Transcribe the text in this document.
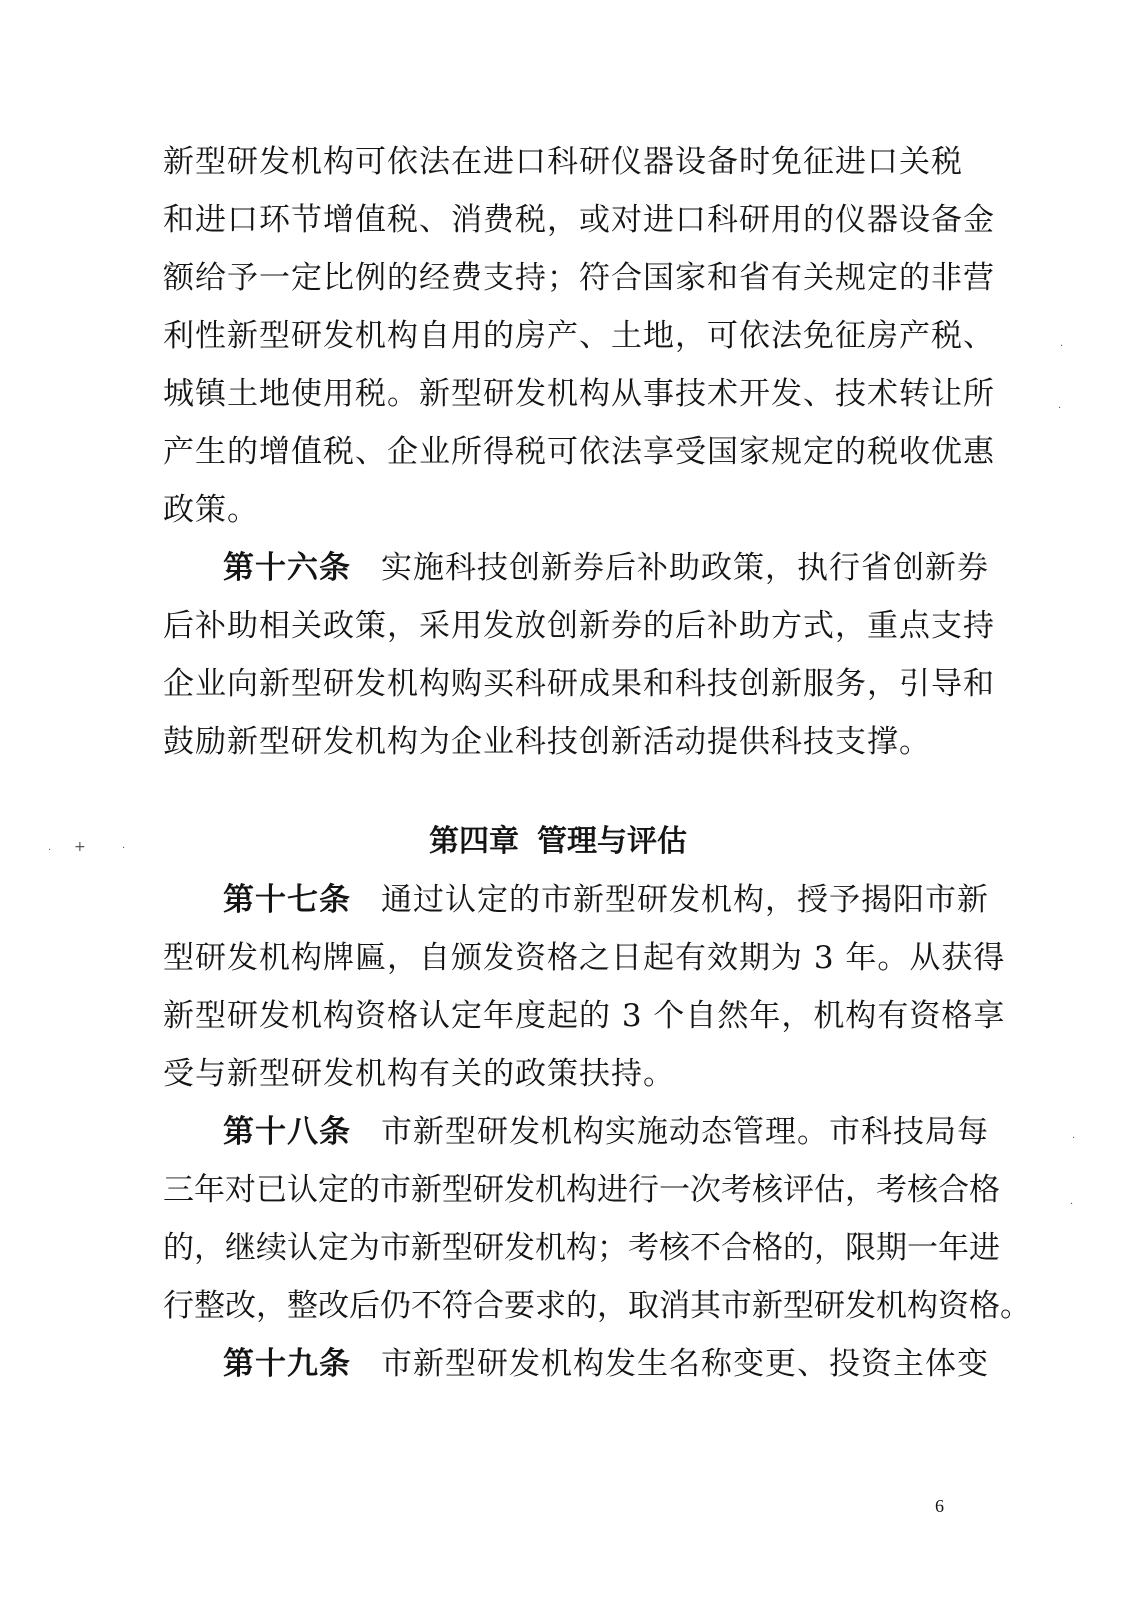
新型研发机构可依法在进口科研仪器设备时免征进口关税
和进口环节增值税、消费税，或对进口科研用的仪器设备金
额给予一定比例的经费支持；符合国家和省有关规定的非营
利性新型研发机构自用的房产、土地，可依法免征房产税、
城镇土地使用税。新型研发机构从事技术开发、技术转让所
产生的增值税、企业所得税可依法享受国家规定的税收优惠
政策。
第十六条 实施科技创新券后补助政策，执行省创新券
后补助相关政策，采用发放创新券的后补助方式，重点支持
企业向新型研发机构购买科研成果和科技创新服务，引导和
鼓励新型研发机构为企业科技创新活动提供科技支撑。
第四章 管理与评估
第十七条 通过认定的市新型研发机构，授予揭阳市新
型研发机构牌匾，自颁发资格之日起有效期为 3 年。从获得
新型研发机构资格认定年度起的 3 个自然年，机构有资格享
受与新型研发机构有关的政策扶持。
第十八条 市新型研发机构实施动态管理。市科技局每
三年对已认定的市新型研发机构进行一次考核评估，考核合格
的，继续认定为市新型研发机构；考核不合格的，限期一年进
行整改，整改后仍不符合要求的，取消其市新型研发机构资格。
第十九条 市新型研发机构发生名称变更、投资主体变
6
· +	·
·
·
·
·
